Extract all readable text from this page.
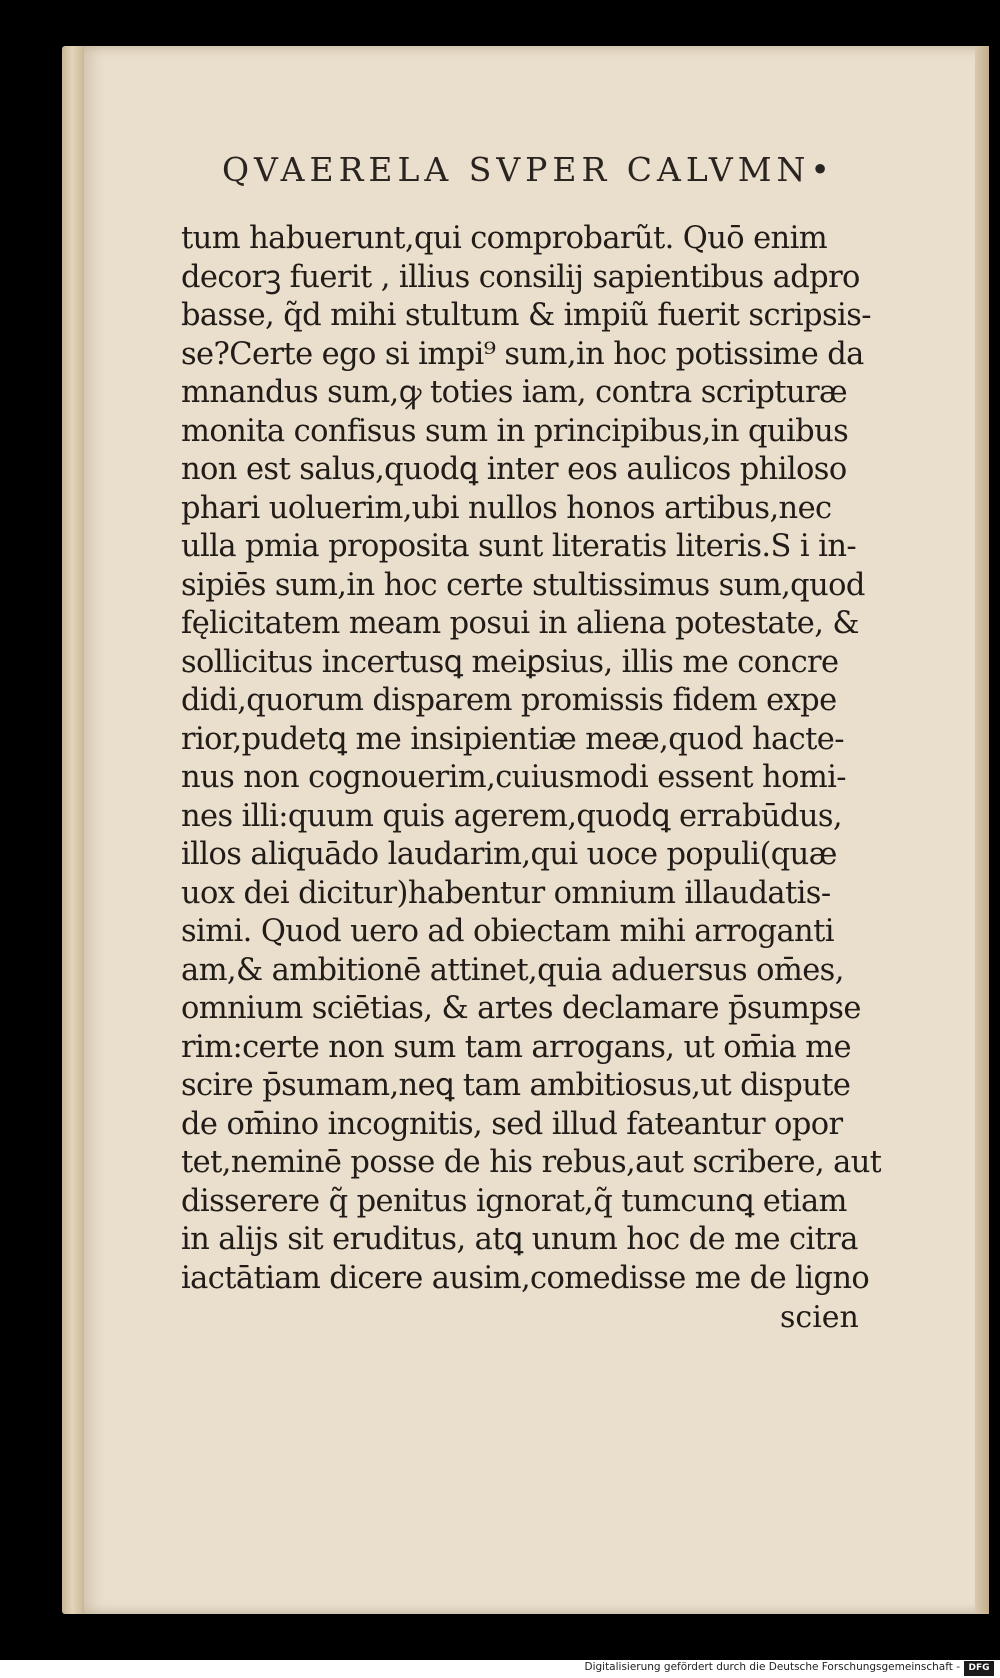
QVAERELA SVPER CALVMN•
tum habuerunt,qui comprobarũt. Quō enim
decorꝫ fuerit , illius consilij sapientibus adpro
basse, q̃d mihi stultum & impiũ fuerit scripsis-
se?Certe ego si impi⁹ sum,in hoc potissime da
mnandus sum,ꝙ toties iam, contra scripturæ
monita confisus sum in principibus,in quibus
non est salus,quodꝗ inter eos aulicos philoso
phari uoluerim,ubi nullos honos artibus,nec
ulla pmia proposita sunt literatis literis.S i in-
sipiēs sum,in hoc certe stultissimus sum,quod
fęlicitatem meam posui in aliena potestate, &
sollicitus incertusꝗ meiꝑsius, illis me concre
didi,quorum disparem promissis fidem expe
rior,pudetꝗ me insipientiæ meæ,quod hacte-
nus non cognouerim,cuiusmodi essent homi-
nes illi:quum quis agerem,quodꝗ errabūdus,
illos aliquādo laudarim,qui uoce populi(quæ
uox dei dicitur)habentur omnium illaudatis-
simi. Quod uero ad obiectam mihi arroganti
am,& ambitionē attinet,quia aduersus om̄es,
omnium sciētias, & artes declamare p̄sumpse
rim:certe non sum tam arrogans, ut om̄ia me
scire p̄sumam,neꝗ tam ambitiosus,ut dispute
de om̄ino incognitis, sed illud fateantur opor
tet,neminē posse de his rebus,aut scribere, aut
disserere q̃ penitus ignorat,q̃ tumcunꝗ etiam
in alijs sit eruditus, atꝗ unum hoc de me citra
iactātiam dicere ausim,comedisse me de ligno
scien
Digitalisierung gefördert durch die Deutsche Forschungsgemeinschaft - DFG
